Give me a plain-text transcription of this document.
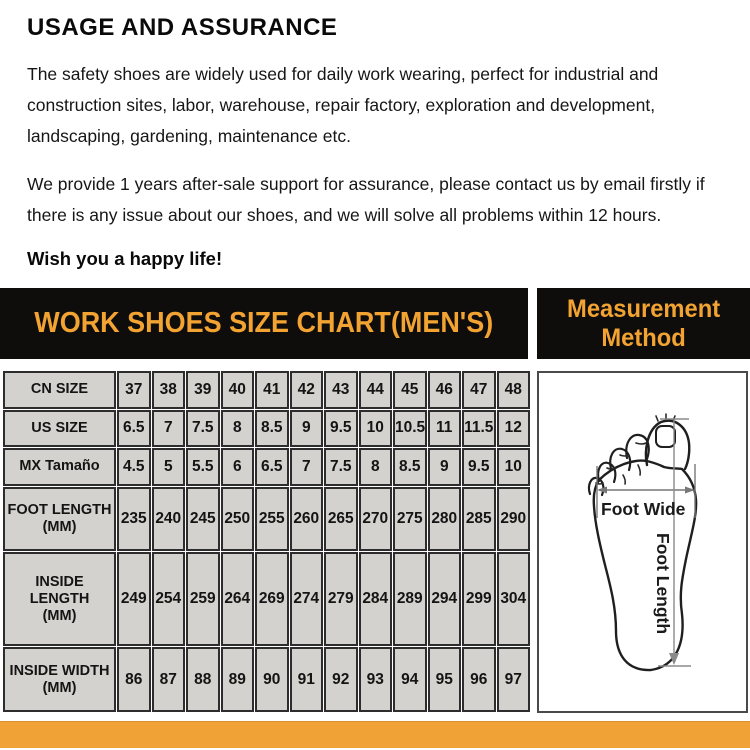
USAGE AND ASSURANCE

The safety shoes are widely used for daily work wearing, perfect for industrial and construction sites, labor, warehouse, repair factory, exploration and development, landscaping, gardening, maintenance etc.

We provide 1 years after-sale support for assurance, please contact us by email firstly if there is any issue about our shoes, and we will solve all problems within 12 hours.

Wish you a happy life!

WORK SHOES SIZE CHART(MEN'S)	Measurement
Method
CN SIZE	37	38	39	40	41	42	43	44	45	46	47	48

US SIZE	6.5	7	7.5	8	8.5	9	9.5	10	10.5	11	11.5	12

MX Tamaño	4.5	5	5.5	6	6.5	7	7.5	8	8.5	9	9.5	10

FOOT LENGTH
(MM)	235	240	245	250	255	260	265	270	275	280	285	290

INSIDE LENGTH
(MM)	249	254	259	264	269	274	279	284	289	294	299	304

INSIDE WIDTH
(MM)	86	87	88	89	90	91	92	93	94	95	96	97
Foot Wide
Foot Length
